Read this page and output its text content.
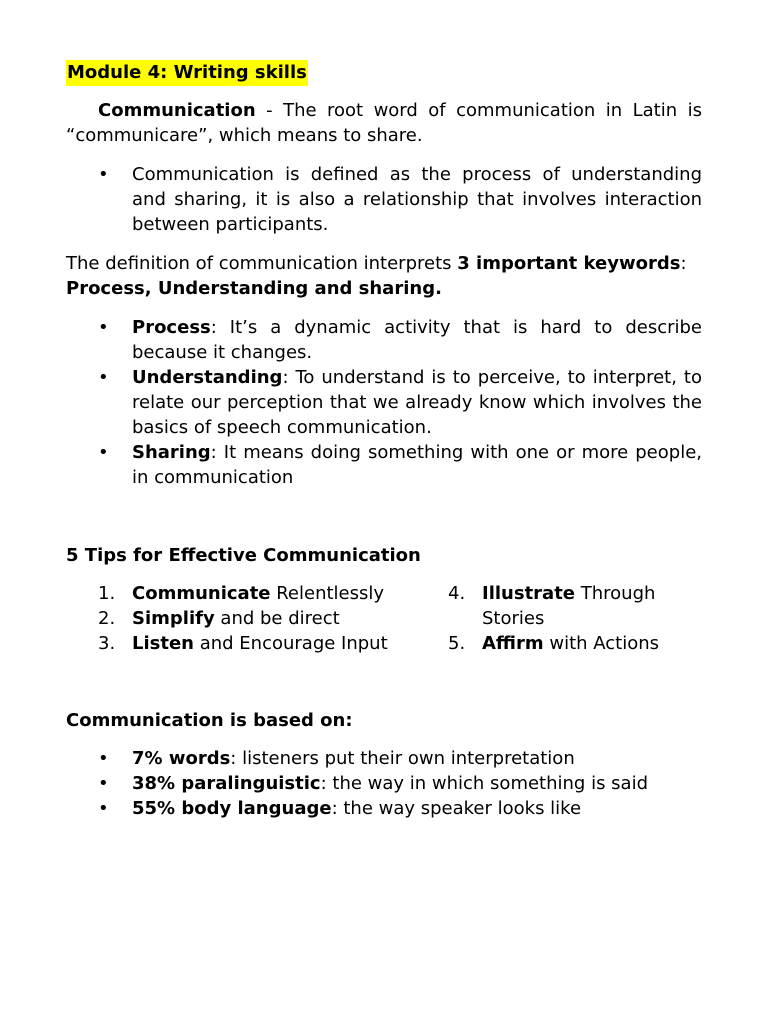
Module 4: Writing skills

Communication - The root word of communication in Latin is “communicare”, which means to share.

• Communication is defined as the process of understanding and sharing, it is also a relationship that involves interaction between participants.

The definition of communication interprets 3 important keywords:

Process, Understanding and sharing.

• Process: It’s a dynamic activity that is hard to describe because it changes.
• Understanding: To understand is to perceive, to interpret, to relate our perception that we already know which involves the basics of speech communication.
• Sharing: It means doing something with one or more people, in communication

5 Tips for Effective Communication

1. Communicate Relentlessly
2. Simplify and be direct
3. Listen and Encourage Input
4. Illustrate Through Stories
5. Affirm with Actions

Communication is based on:

• 7% words: listeners put their own interpretation
• 38% paralinguistic: the way in which something is said
• 55% body language: the way speaker looks like
